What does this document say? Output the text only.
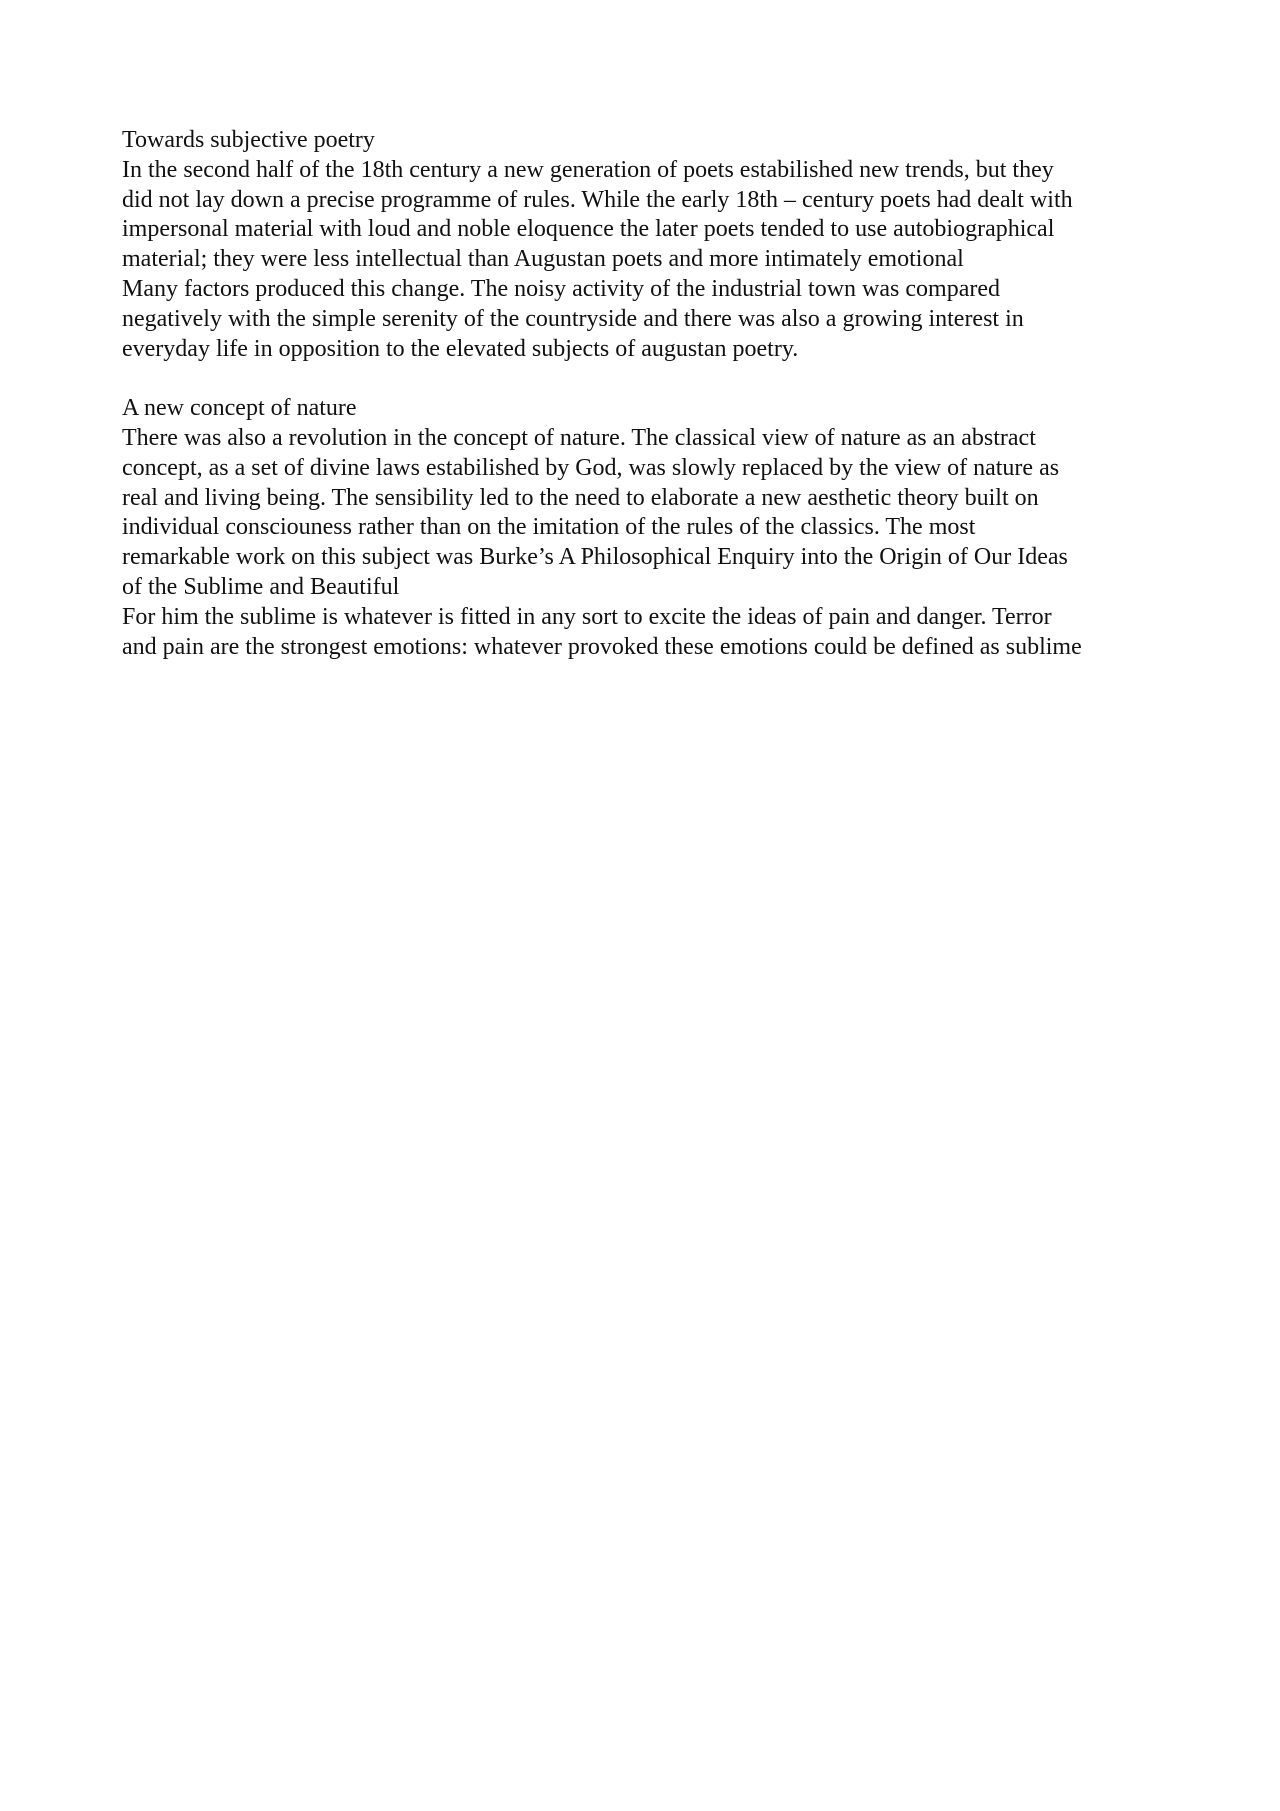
Towards subjective poetry
In the second half of the 18th century a new generation of poets estabilished new trends, but they
did not lay down a precise programme of rules. While the early 18th – century poets had dealt with
impersonal material with loud and noble eloquence the later poets tended to use autobiographical
material; they were less intellectual than Augustan poets and more intimately emotional
Many factors produced this change. The noisy activity of the industrial town was compared
negatively with the simple serenity of the countryside and there was also a growing interest in
everyday life in opposition to the elevated subjects of augustan poetry.
A new concept of nature
There was also a revolution in the concept of nature. The classical view of nature as an abstract
concept, as a set of divine laws estabilished by God, was slowly replaced by the view of nature as
real and living being. The sensibility led to the need to elaborate a new aesthetic theory built on
individual consciouness rather than on the imitation of the rules of the classics. The most
remarkable work on this subject was Burke’s A Philosophical Enquiry into the Origin of Our Ideas
of the Sublime and Beautiful
For him the sublime is whatever is fitted in any sort to excite the ideas of pain and danger. Terror
and pain are the strongest emotions: whatever provoked these emotions could be defined as sublime
